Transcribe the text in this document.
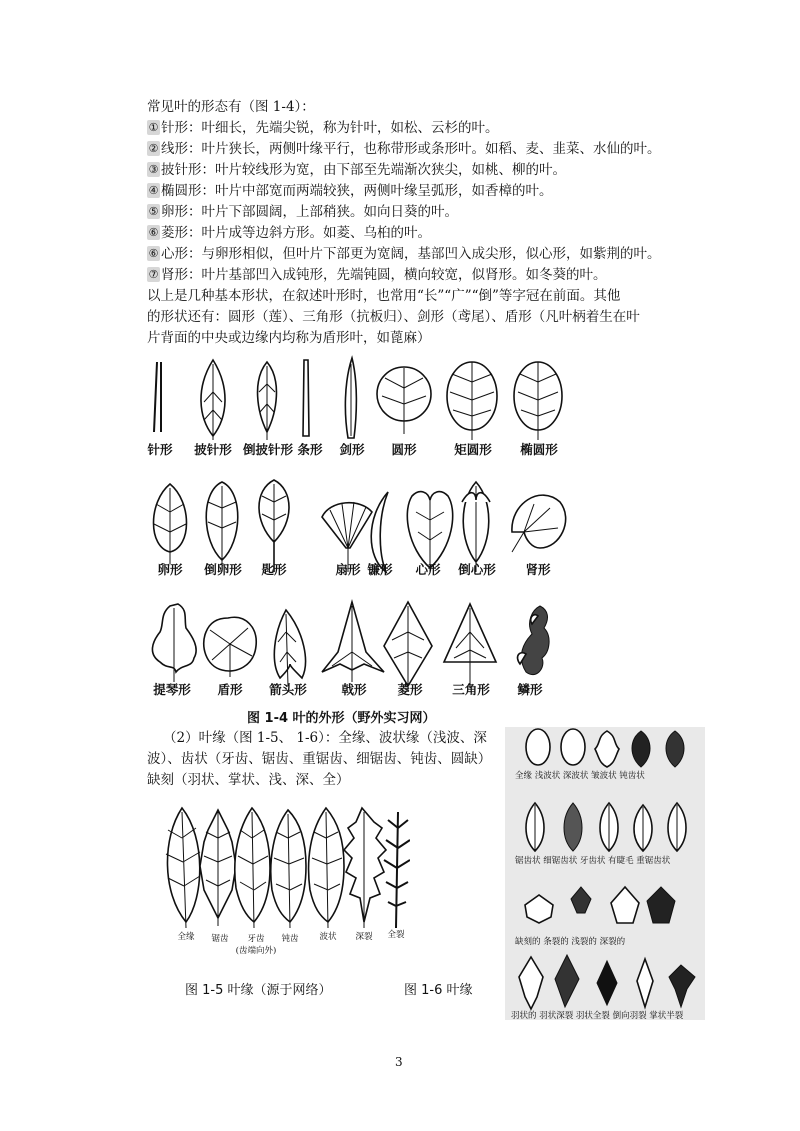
常见叶的形态有（图 1-4）：
① 针形：叶细长，先端尖锐，称为针叶，如松、云杉的叶。
② 线形：叶片狭长，两侧叶缘平行，也称带形或条形叶。如稻、麦、韭菜、水仙的叶。
③ 披针形：叶片较线形为宽，由下部至先端渐次狭尖，如桃、柳的叶。
④ 椭圆形：叶片中部宽而两端较狭，两侧叶缘呈弧形，如香樟的叶。
⑤ 卵形：叶片下部圆阔，上部稍狭。如向日葵的叶。
⑥ 菱形：叶片成等边斜方形。如菱、乌桕的叶。
⑥ 心形：与卵形相似，但叶片下部更为宽阔，基部凹入成尖形，似心形，如紫荆的叶。
⑦ 肾形：叶片基部凹入成钝形，先端钝圆，横向较宽，似肾形。如冬葵的叶。
以上是几种基本形状，在叙述叶形时，也常用“长”“广”“倒”等字冠在前面。其他
的形状还有：圆形（莲）、三角形（抗板归）、剑形（鸢尾）、盾形（凡叶柄着生在叶
片背面的中央或边缘内均称为盾形叶，如蓖麻）
针形	披针形 倒披针形 条形	剑形	圆形	矩圆形	椭圆形
卵形	倒卵形	匙形	扇形 镰形	心形	倒心形	肾形
提琴形	盾形	箭头形	戟形	菱形	三角形	鳞形
图 1-4 叶的外形（野外实习网）
（2）叶缘（图 1-5、 1-6）：全缘、波状缘（浅波、深
波）、齿状（牙齿、锯齿、重锯齿、细锯齿、钝齿、圆缺）
缺刻（羽状、掌状、浅、深、全）
全缘	锯齿	牙齿	钝齿	波状	深裂	全裂
(齿端向外)
图 1-5 叶缘（源于网络）
全缘 浅波状 深波状 皱波状 钝齿状
锯齿状 细锯齿状 牙齿状 有睫毛 重锯齿状
缺刻的 条裂的 浅裂的 深裂的
羽状的 羽状深裂 羽状全裂 倒向羽裂 掌状半裂
图 1-6 叶缘
3
